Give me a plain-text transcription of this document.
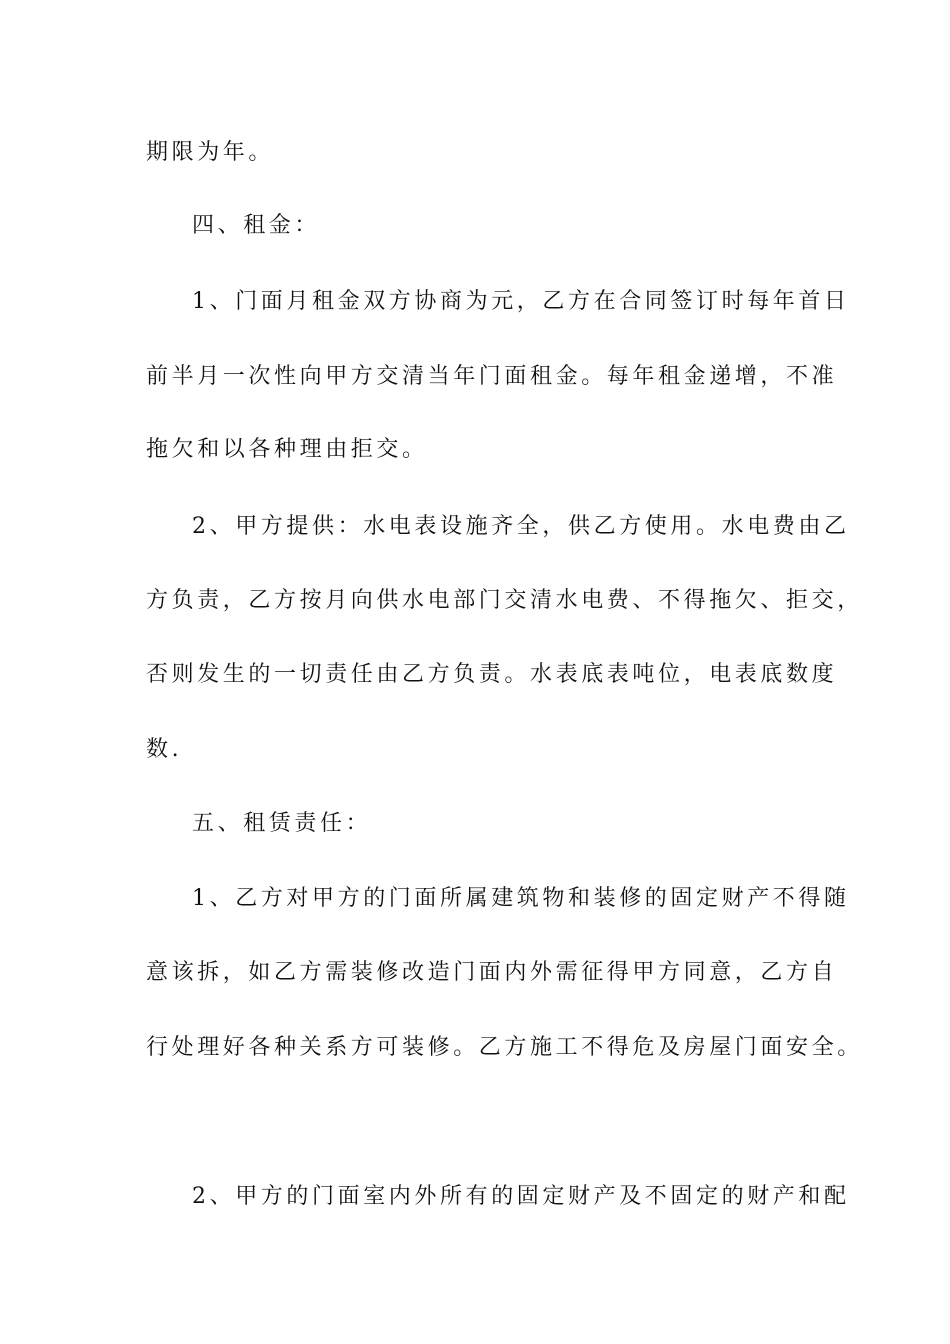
期限为年。
四、租金：
1、门面月租金双方协商为元，乙方在合同签订时每年首日
前半月一次性向甲方交清当年门面租金。每年租金递增，不准
拖欠和以各种理由拒交。
2、甲方提供：水电表设施齐全，供乙方使用。水电费由乙
方负责，乙方按月向供水电部门交清水电费、不得拖欠、拒交，
否则发生的一切责任由乙方负责。水表底表吨位，电表底数度
数.
五、租赁责任：
1、乙方对甲方的门面所属建筑物和装修的固定财产不得随
意该拆，如乙方需装修改造门面内外需征得甲方同意，乙方自
行处理好各种关系方可装修。乙方施工不得危及房屋门面安全。
2、甲方的门面室内外所有的固定财产及不固定的财产和配
